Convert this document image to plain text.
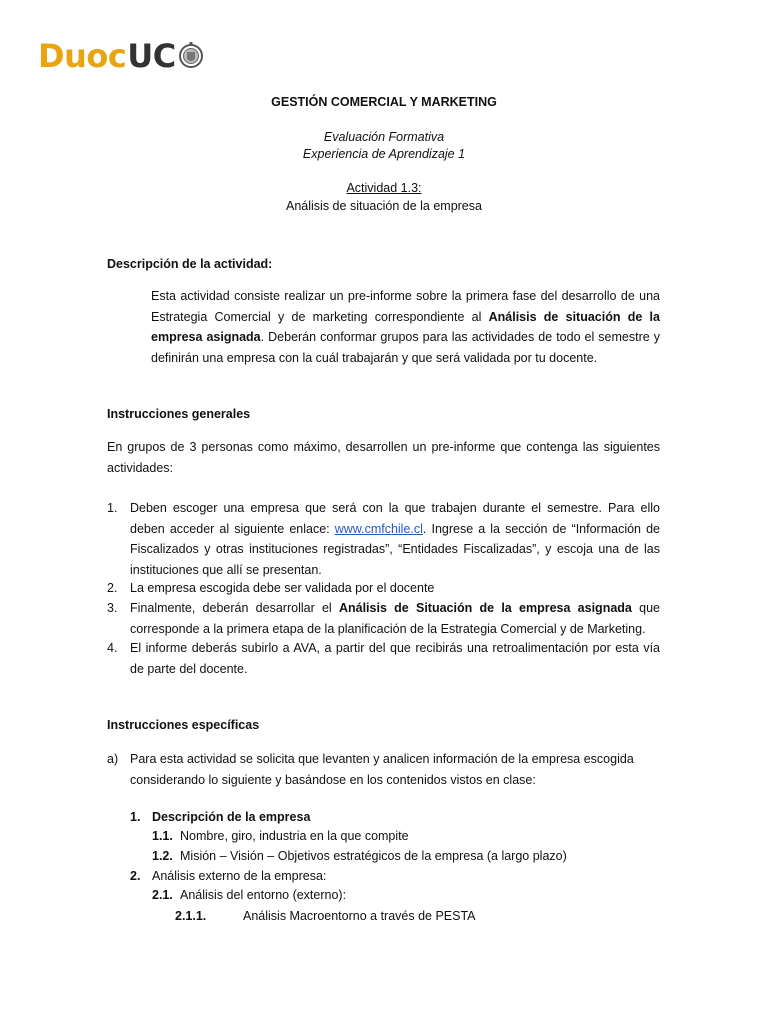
Duoc UC
GESTIÓN COMERCIAL Y MARKETING
Evaluación Formativa
Experiencia de Aprendizaje 1
Actividad 1.3:
Análisis de situación de la empresa
Descripción de la actividad:
Esta actividad consiste realizar un pre-informe sobre la primera fase del desarrollo de una
Estrategia Comercial y de marketing correspondiente al Análisis de situación de la
empresa asignada. Deberán conformar grupos para las actividades de todo el semestre y
definirán una empresa con la cuál trabajarán y que será validada por tu docente.
Instrucciones generales
En grupos de 3 personas como máximo, desarrollen un pre-informe que contenga las siguientes
actividades:
1. Deben escoger una empresa que será con la que trabajen durante el semestre. Para ello
deben acceder al siguiente enlace: www.cmfchile.cl. Ingrese a la sección de “Información de
Fiscalizados y otras instituciones registradas”, “Entidades Fiscalizadas”, y escoja una de las
instituciones que allí se presentan.
2. La empresa escogida debe ser validada por el docente
3. Finalmente, deberán desarrollar el Análisis de Situación de la empresa asignada que
corresponde a la primera etapa de la planificación de la Estrategia Comercial y de Marketing.
4. El informe deberás subirlo a AVA, a partir del que recibirás una retroalimentación por esta vía
de parte del docente.
Instrucciones específicas
a) Para esta actividad se solicita que levanten y analicen información de la empresa escogida
considerando lo siguiente y basándose en los contenidos vistos en clase:
1. Descripción de la empresa
1.1. Nombre, giro, industria en la que compite
1.2. Misión – Visión – Objetivos estratégicos de la empresa (a largo plazo)
2. Análisis externo de la empresa:
2.1. Análisis del entorno (externo):
2.1.1.	Análisis Macroentorno a través de PESTA
